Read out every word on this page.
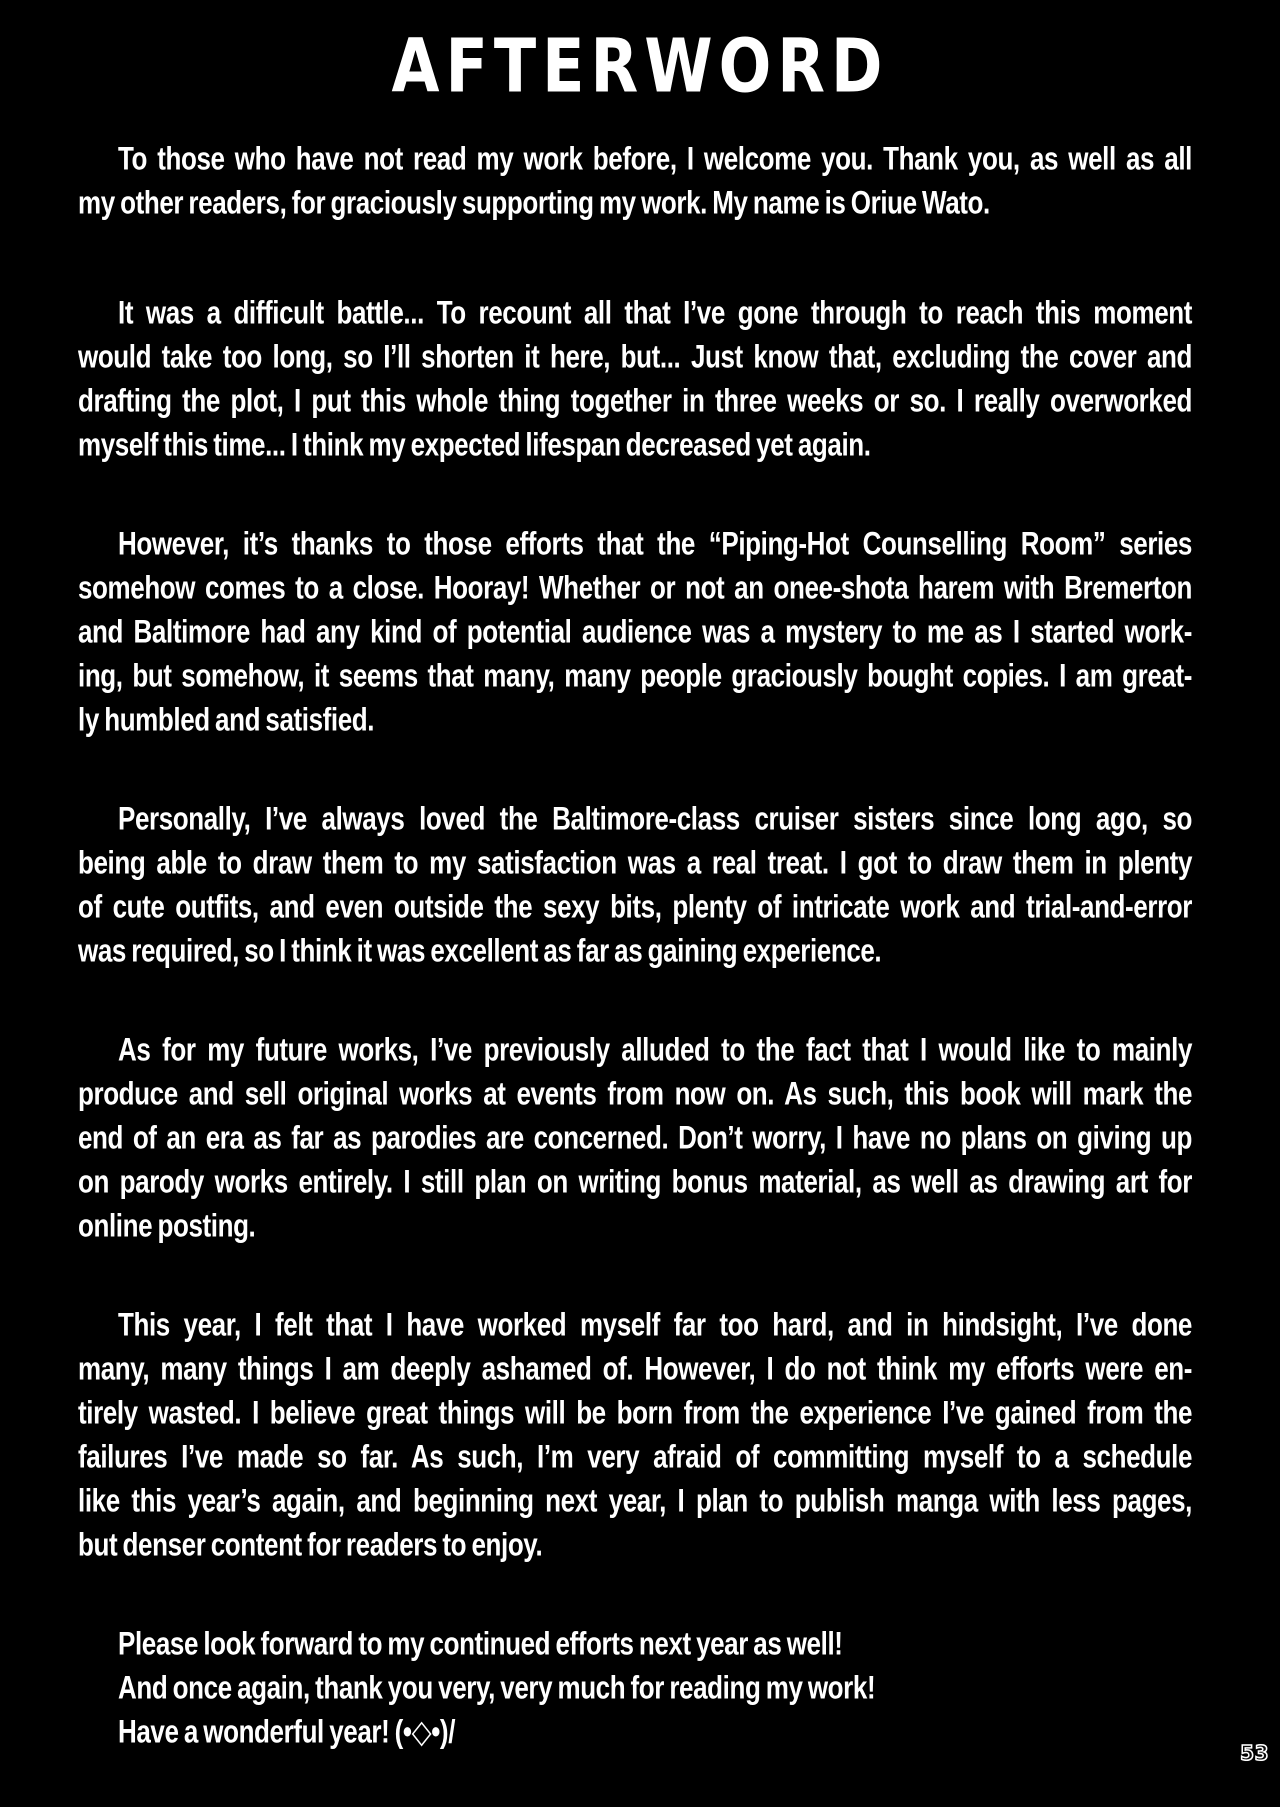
AFTERWORD
To those who have not read my work before, I welcome you. Thank you, as well as all
my other readers, for graciously supporting my work. My name is Oriue Wato.
It was a difficult battle... To recount all that I’ve gone through to reach this moment
would take too long, so I’ll shorten it here, but... Just know that, excluding the cover and
drafting the plot, I put this whole thing together in three weeks or so. I really overworked
myself this time... I think my expected lifespan decreased yet again.
However, it’s thanks to those efforts that the “Piping-Hot Counselling Room” series
somehow comes to a close. Hooray! Whether or not an onee-shota harem with Bremerton
and Baltimore had any kind of potential audience was a mystery to me as I started work-
ing, but somehow, it seems that many, many people graciously bought copies. I am great-
ly humbled and satisfied.
Personally, I’ve always loved the Baltimore-class cruiser sisters since long ago, so
being able to draw them to my satisfaction was a real treat. I got to draw them in plenty
of cute outfits, and even outside the sexy bits, plenty of intricate work and trial-and-error
was required, so I think it was excellent as far as gaining experience.
As for my future works, I’ve previously alluded to the fact that I would like to mainly
produce and sell original works at events from now on. As such, this book will mark the
end of an era as far as parodies are concerned. Don’t worry, I have no plans on giving up
on parody works entirely. I still plan on writing bonus material, as well as drawing art for
online posting.
This year, I felt that I have worked myself far too hard, and in hindsight, I’ve done
many, many things I am deeply ashamed of. However, I do not think my efforts were en-
tirely wasted. I believe great things will be born from the experience I’ve gained from the
failures I’ve made so far. As such, I’m very afraid of committing myself to a schedule
like this year’s again, and beginning next year, I plan to publish manga with less pages,
but denser content for readers to enjoy.
Please look forward to my continued efforts next year as well!
And once again, thank you very, very much for reading my work!
Have a wonderful year! (•◇•)/
53
